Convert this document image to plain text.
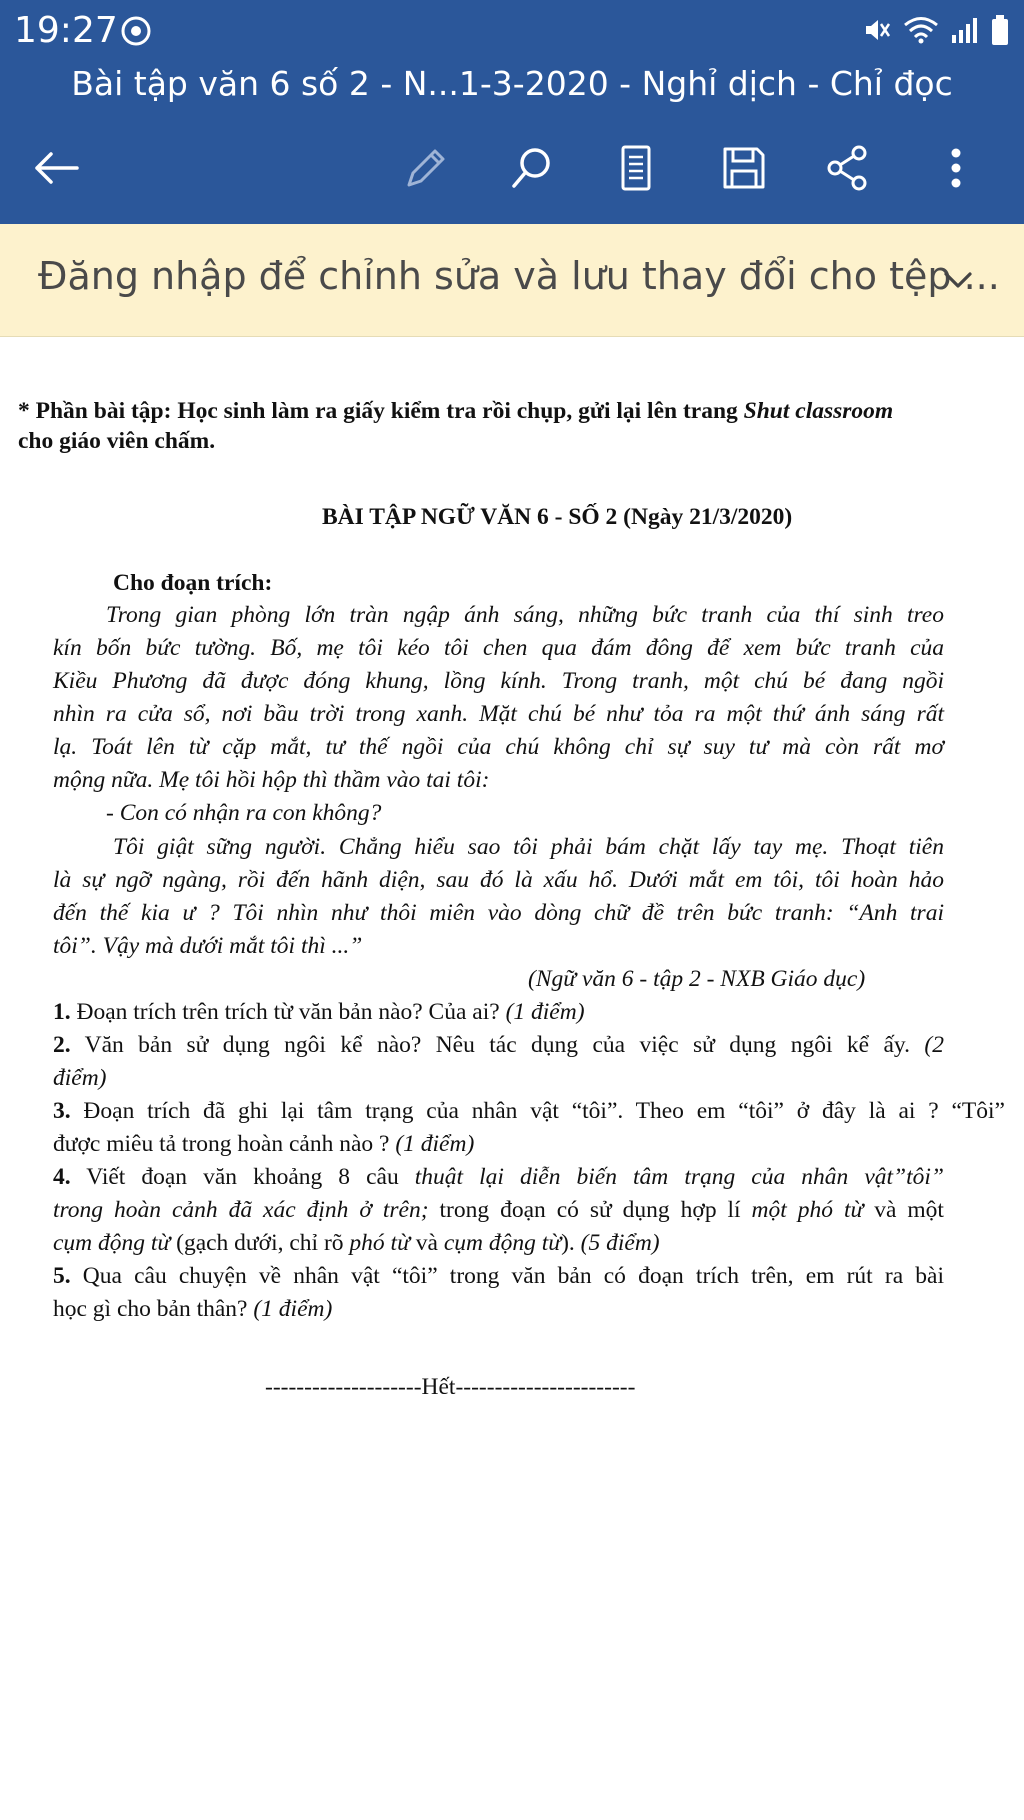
19:27
Bài tập văn 6 số 2 - N...1-3-2020 - Nghỉ dịch - Chỉ đọc
Đăng nhập để chỉnh sửa và lưu thay đổi cho tệp ...
* Phần bài tập: Học sinh làm ra giấy kiểm tra rồi chụp, gửi lại lên trang Shut classroom
cho giáo viên chấm.
BÀI TẬP NGỮ VĂN 6 - SỐ 2 (Ngày 21/3/2020)
Cho đoạn trích:
Trong gian phòng lớn tràn ngập ánh sáng, những bức tranh của thí sinh treo
kín bốn bức tường. Bố, mẹ tôi kéo tôi chen qua đám đông để xem bức tranh của
Kiều Phương đã được đóng khung, lồng kính. Trong tranh, một chú bé đang ngồi
nhìn ra cửa sổ, nơi bầu trời trong xanh. Mặt chú bé như tỏa ra một thứ ánh sáng rất
lạ. Toát lên từ cặp mắt, tư thế ngồi của chú không chỉ sự suy tư mà còn rất mơ
mộng nữa. Mẹ tôi hồi hộp thì thầm vào tai tôi:
- Con có nhận ra con không?
Tôi giật sững người. Chẳng hiểu sao tôi phải bám chặt lấy tay mẹ. Thoạt tiên
là sự ngỡ ngàng, rồi đến hãnh diện, sau đó là xấu hổ. Dưới mắt em tôi, tôi hoàn hảo
đến thế kia ư ? Tôi nhìn như thôi miên vào dòng chữ đề trên bức tranh: “Anh trai
tôi”. Vậy mà dưới mắt tôi thì ...”
(Ngữ văn 6 - tập 2 - NXB Giáo dục)
1. Đoạn trích trên trích từ văn bản nào? Của ai? (1 điểm)
2. Văn bản sử dụng ngôi kể nào? Nêu tác dụng của việc sử dụng ngôi kể ấy. (2
điểm)
3. Đoạn trích đã ghi lại tâm trạng của nhân vật “tôi”. Theo em “tôi” ở đây là ai ? “Tôi”
được miêu tả trong hoàn cảnh nào ? (1 điểm)
4. Viết đoạn văn khoảng 8 câu thuật lại diễn biến tâm trạng của nhân vật”tôi”
trong hoàn cảnh đã xác định ở trên; trong đoạn có sử dụng hợp lí một phó từ và một
cụm động từ (gạch dưới, chỉ rõ phó từ và cụm động từ). (5 điểm)
5. Qua câu chuyện về nhân vật “tôi” trong văn bản có đoạn trích trên, em rút ra bài
học gì cho bản thân? (1 điểm)
--------------------Hết-----------------------
